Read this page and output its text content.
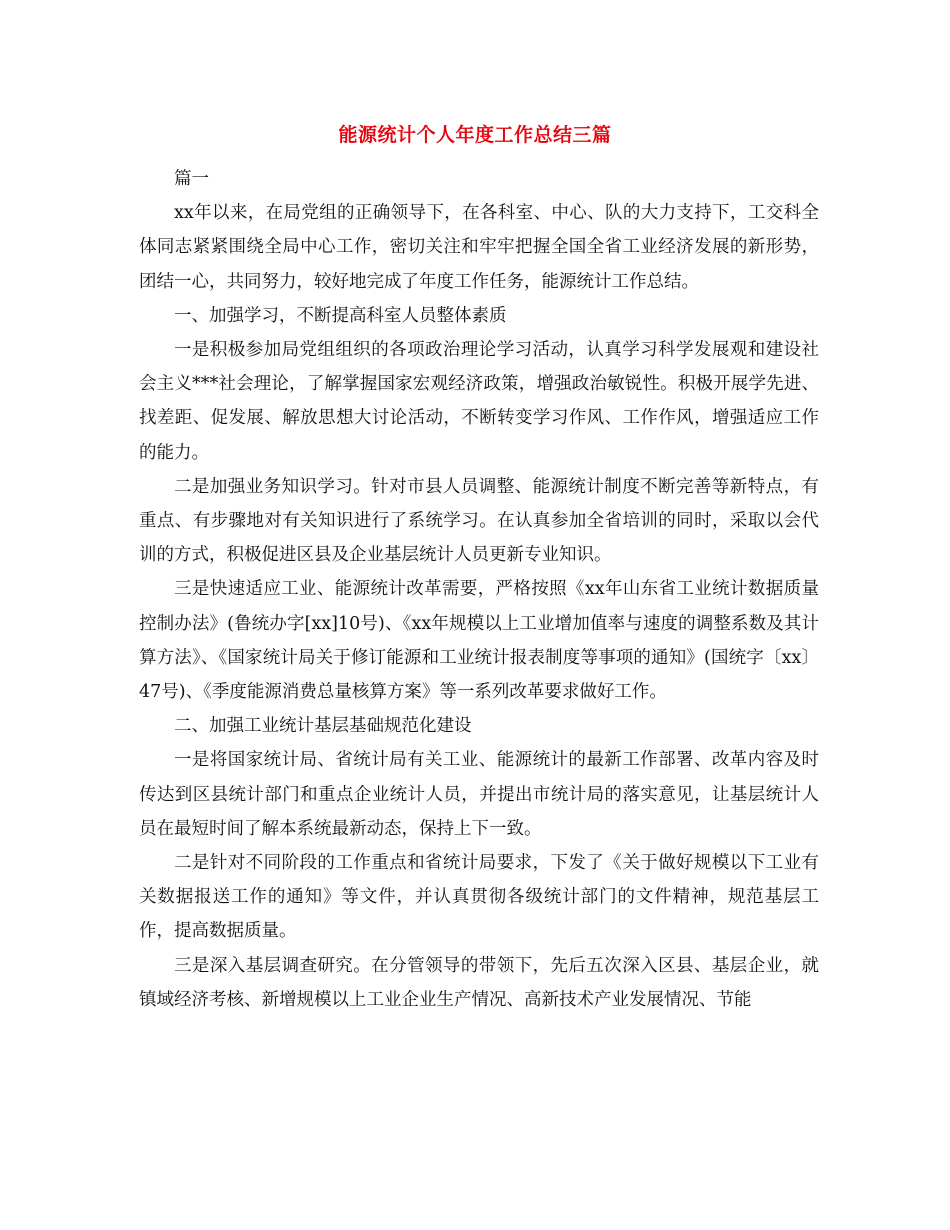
能源统计个人年度工作总结三篇

篇一

xx年以来，在局党组的正确领导下，在各科室、中心、队的大力支持下，工交科全体同志紧紧围绕全局中心工作，密切关注和牢牢把握全国全省工业经济发展的新形势，团结一心，共同努力，较好地完成了年度工作任务，能源统计工作总结。

一、加强学习，不断提高科室人员整体素质

一是积极参加局党组组织的各项政治理论学习活动，认真学习科学发展观和建设社会主义***社会理论，了解掌握国家宏观经济政策，增强政治敏锐性。积极开展学先进、找差距、促发展、解放思想大讨论活动，不断转变学习作风、工作作风，增强适应工作的能力。

二是加强业务知识学习。针对市县人员调整、能源统计制度不断完善等新特点，有重点、有步骤地对有关知识进行了系统学习。在认真参加全省培训的同时，采取以会代训的方式，积极促进区县及企业基层统计人员更新专业知识。

三是快速适应工业、能源统计改革需要，严格按照《xx年山东省工业统计数据质量控制办法》(鲁统办字[xx]10号)、《xx年规模以上工业增加值率与速度的调整系数及其计算方法》、《国家统计局关于修订能源和工业统计报表制度等事项的通知》(国统字〔xx〕47号)、《季度能源消费总量核算方案》等一系列改革要求做好工作。

二、加强工业统计基层基础规范化建设

一是将国家统计局、省统计局有关工业、能源统计的最新工作部署、改革内容及时传达到区县统计部门和重点企业统计人员，并提出市统计局的落实意见，让基层统计人员在最短时间了解本系统最新动态，保持上下一致。

二是针对不同阶段的工作重点和省统计局要求，下发了《关于做好规模以下工业有关数据报送工作的通知》等文件，并认真贯彻各级统计部门的文件精神，规范基层工作，提高数据质量。

三是深入基层调查研究。在分管领导的带领下，先后五次深入区县、基层企业，就镇域经济考核、新增规模以上工业企业生产情况、高新技术产业发展情况、节能
